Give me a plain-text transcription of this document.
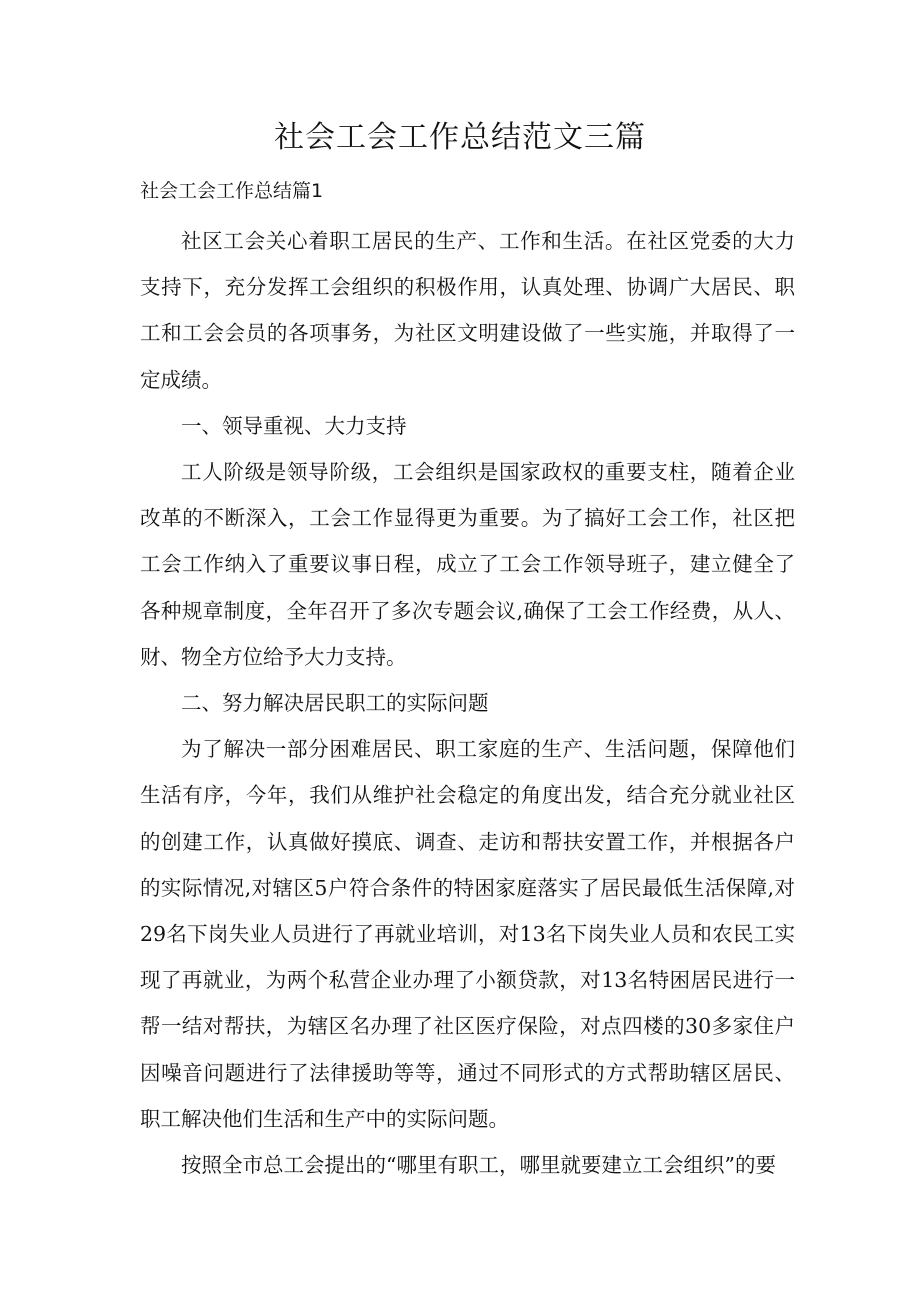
社会工会工作总结范文三篇
社会工会工作总结篇1

社区工会关心着职工居民的生产、工作和生活。在社区党委的大力支持下，充分发挥工会组织的积极作用，认真处理、协调广大居民、职工和工会会员的各项事务，为社区文明建设做了一些实施，并取得了一定成绩。

一、领导重视、大力支持

工人阶级是领导阶级，工会组织是国家政权的重要支柱，随着企业改革的不断深入，工会工作显得更为重要。为了搞好工会工作，社区把工会工作纳入了重要议事日程，成立了工会工作领导班子，建立健全了各种规章制度，全年召开了多次专题会议,确保了工会工作经费，从人、财、物全方位给予大力支持。

二、努力解决居民职工的实际问题

为了解决一部分困难居民、职工家庭的生产、生活问题，保障他们生活有序，今年，我们从维护社会稳定的角度出发，结合充分就业社区的创建工作，认真做好摸底、调查、走访和帮扶安置工作，并根据各户的实际情况,对辖区5户符合条件的特困家庭落实了居民最低生活保障,对29名下岗失业人员进行了再就业培训，对13名下岗失业人员和农民工实现了再就业，为两个私营企业办理了小额贷款，对13名特困居民进行一帮一结对帮扶，为辖区名办理了社区医疗保险，对点四楼的30多家住户因噪音问题进行了法律援助等等，通过不同形式的方式帮助辖区居民、职工解决他们生活和生产中的实际问题。

按照全市总工会提出的“哪里有职工，哪里就要建立工会组织”的要
